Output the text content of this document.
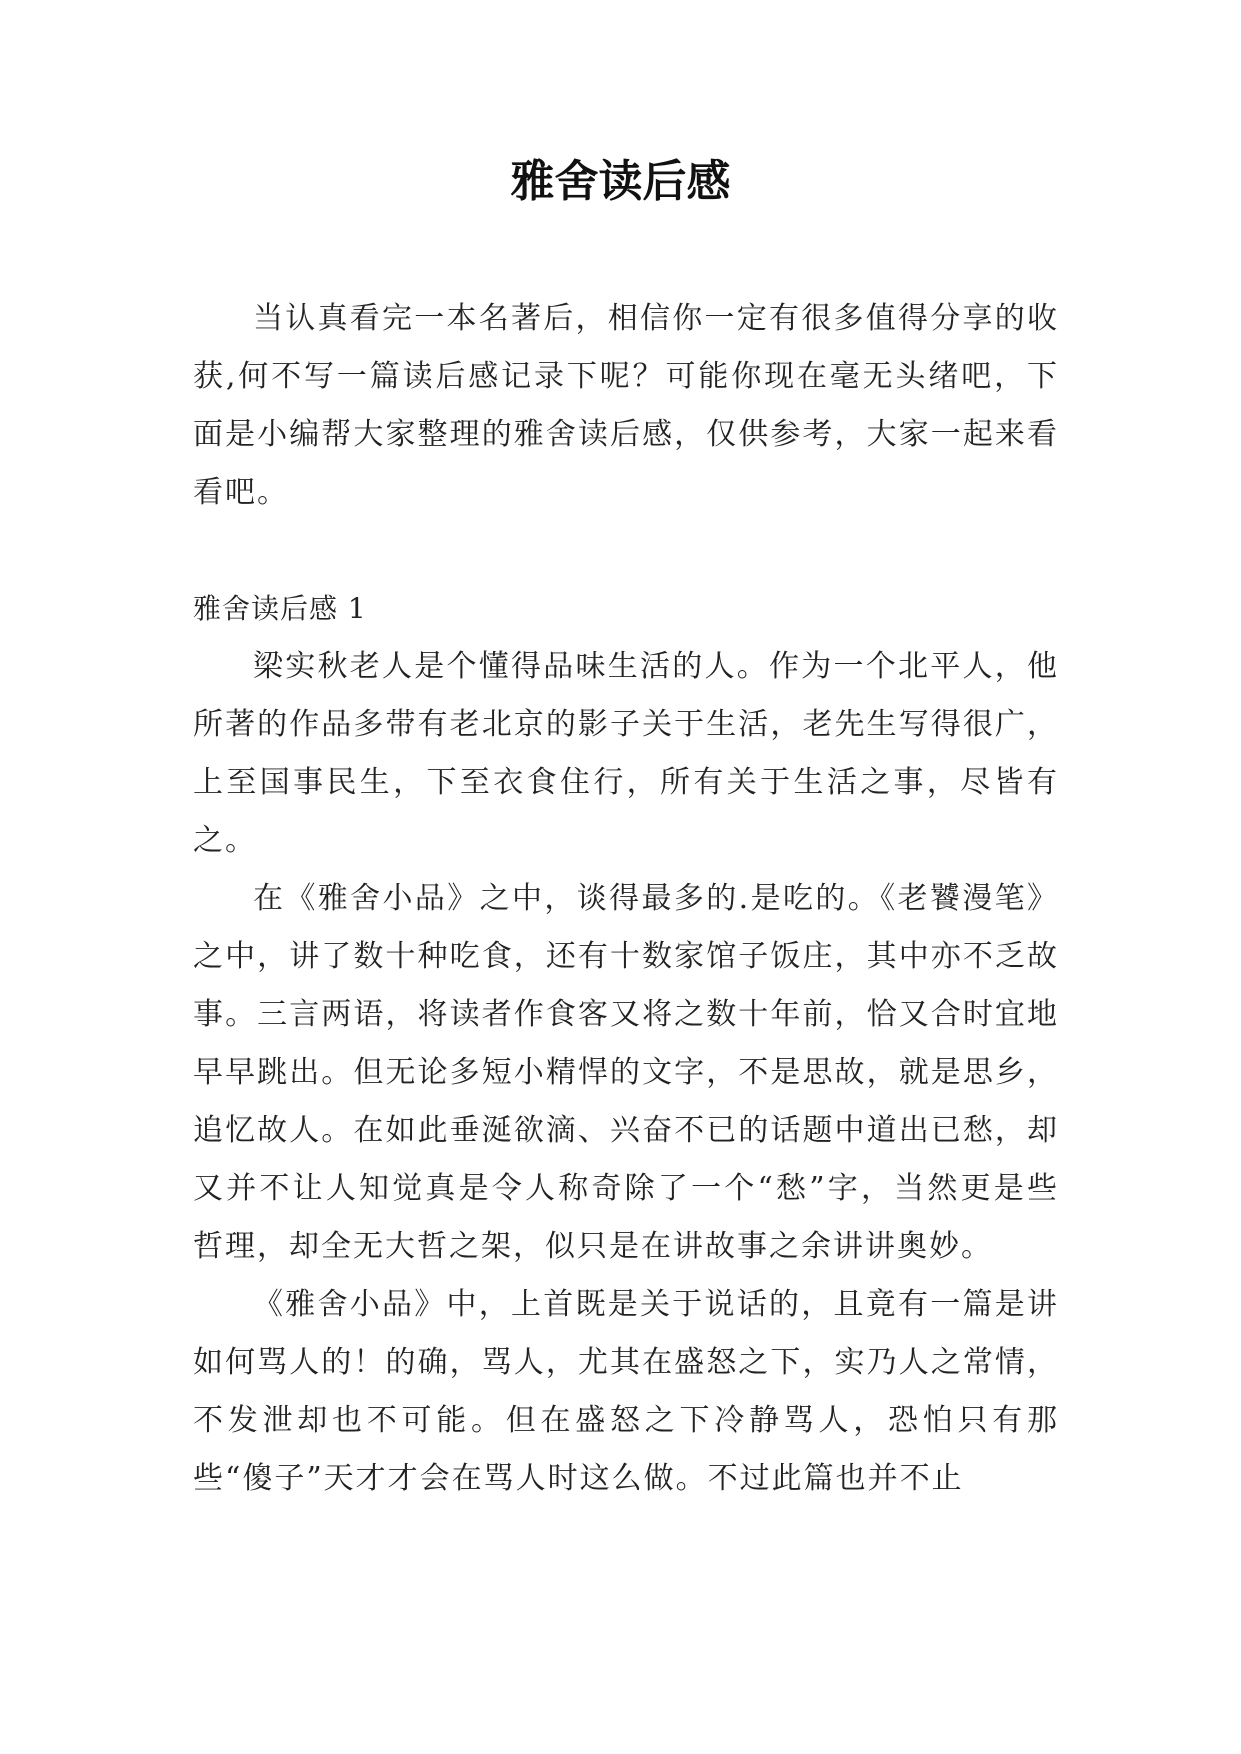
雅舍读后感

当认真看完一本名著后，相信你一定有很多值得分享的收获,何不写一篇读后感记录下呢？可能你现在毫无头绪吧，下面是小编帮大家整理的雅舍读后感，仅供参考，大家一起来看看吧。

雅舍读后感 1

梁实秋老人是个懂得品味生活的人。作为一个北平人，他所著的作品多带有老北京的影子关于生活，老先生写得很广，上至国事民生，下至衣食住行，所有关于生活之事，尽皆有之。

在《雅舍小品》之中，谈得最多的.是吃的。《老饕漫笔》之中，讲了数十种吃食，还有十数家馆子饭庄，其中亦不乏故事。三言两语，将读者作食客又将之数十年前，恰又合时宜地早早跳出。但无论多短小精悍的文字，不是思故，就是思乡，追忆故人。在如此垂涎欲滴、兴奋不已的话题中道出已愁，却又并不让人知觉真是令人称奇除了一个“愁”字，当然更是些哲理，却全无大哲之架，似只是在讲故事之余讲讲奥妙。

《雅舍小品》中，上首既是关于说话的，且竟有一篇是讲如何骂人的！的确，骂人，尤其在盛怒之下，实乃人之常情，不发泄却也不可能。但在盛怒之下冷静骂人，恐怕只有那些“傻子”天才才会在骂人时这么做。不过此篇也并不止
